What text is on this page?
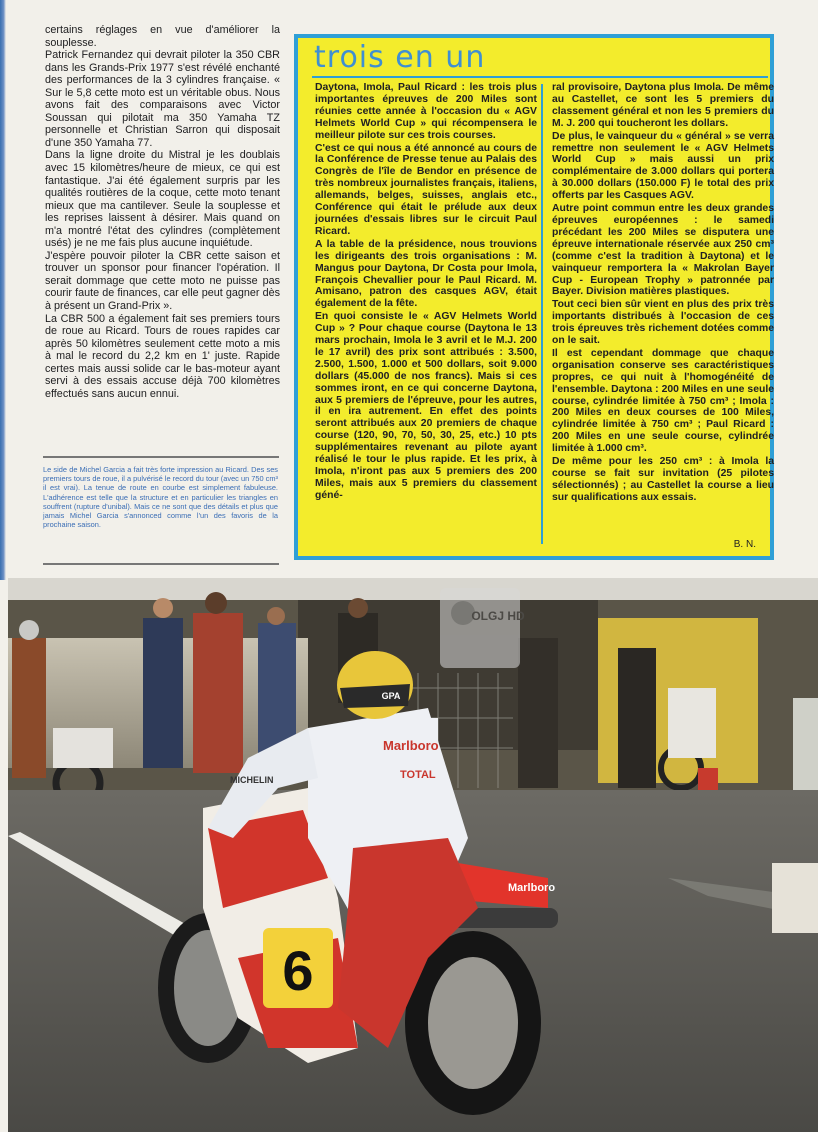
certains réglages en vue d'améliorer la souplesse.

Patrick Fernandez qui devrait piloter la 350 CBR dans les Grands-Prix 1977 s'est révélé enchanté des performances de la 3 cylindres française. « Sur le 5,8 cette moto est un véritable obus. Nous avons fait des comparaisons avec Victor Soussan qui pilotait ma 350 Yamaha TZ personnelle et Christian Sarron qui disposait d'une 350 Yamaha 77.

Dans la ligne droite du Mistral je les doublais avec 15 kilomètres/heure de mieux, ce qui est fantastique. J'ai été également surpris par les qualités routières de la coque, cette moto tenant mieux que ma cantilever. Seule la souplesse et les reprises laissent à désirer. Mais quand on m'a montré l'état des cylindres (complètement usés) je ne me fais plus aucune inquiétude.

J'espère pouvoir piloter la CBR cette saison et trouver un sponsor pour financer l'opération. Il serait dommage que cette moto ne puisse pas courir faute de finances, car elle peut gagner dès à présent un Grand-Prix ».

La CBR 500 a également fait ses premiers tours de roue au Ricard. Tours de roues rapides car après 50 kilomètres seulement cette moto a mis à mal le record du 2,2 km en 1' juste. Rapide certes mais aussi solide car le bas-moteur ayant servi à des essais accuse déjà 700 kilomètres effectués sans aucun ennui.

Le side de Michel Garcia a fait très forte impression au Ricard. Des ses premiers tours de roue, il a pulvérisé le record du tour (avec un 750 cm³ il est vrai). La tenue de route en courbe est simplement fabuleuse. L'adhérence est telle que la structure et en particulier les triangles en souffrent (rupture d'unibal). Mais ce ne sont que des détails et plus que jamais Michel Garcia s'annonced comme l'un des favoris de la prochaine saison.
trois en un

Daytona, Imola, Paul Ricard : les trois plus importantes épreuves de 200 Miles sont réunies cette année à l'occasion du « AGV Helmets World Cup » qui récompensera le meilleur pilote sur ces trois courses.

C'est ce qui nous a été annoncé au cours de la Conférence de Presse tenue au Palais des Congrès de l'île de Bendor en présence de très nombreux journalistes français, italiens, allemands, belges, suisses, anglais etc., Conférence qui était le prélude aux deux journées d'essais libres sur le circuit Paul Ricard.

A la table de la présidence, nous trouvions les dirigeants des trois organisations : M. Mangus pour Daytona, Dr Costa pour Imola, François Chevallier pour le Paul Ricard. M. Amisano, patron des casques AGV, était également de la fête.

En quoi consiste le « AGV Helmets World Cup » ? Pour chaque course (Daytona le 13 mars prochain, Imola le 3 avril et le M.J. 200 le 17 avril) des prix sont attribués : 3.500, 2.500, 1.500, 1.000 et 500 dollars, soit 9.000 dollars (45.000 de nos francs). Mais si ces sommes iront, en ce qui concerne Daytona, aux 5 premiers de l'épreuve, pour les autres, il en ira autrement. En effet des points seront attribués aux 20 premiers de chaque course (120, 90, 70, 50, 30, 25, etc.) 10 pts supplémentaires revenant au pilote ayant réalisé le tour le plus rapide. Et les prix, à Imola, n'iront pas aux 5 premiers des 200 Miles, mais aux 5 premiers du classement géné-

ral provisoire, Daytona plus Imola. De même au Castellet, ce sont les 5 premiers du classement général et non les 5 premiers du M. J. 200 qui toucheront les dollars.

De plus, le vainqueur du « général » se verra remettre non seulement le « AGV Helmets World Cup » mais aussi un prix complémentaire de 3.000 dollars qui portera à 30.000 dollars (150.000 F) le total des prix offerts par les Casques AGV.

Autre point commun entre les deux grandes épreuves européennes : le samedi précédant les 200 Miles se disputera une épreuve internationale réservée aux 250 cm³ (comme c'est la tradition à Daytona) et le vainqueur remportera la « Makrolan Bayer Cup - European Trophy » patronnée par Bayer. Division matières plastiques.

Tout ceci bien sûr vient en plus des prix très importants distribués à l'occasion de ces trois épreuves très richement dotées comme on le sait.

Il est cependant dommage que chaque organisation conserve ses caractéristiques propres, ce qui nuit à l'homogénéité de l'ensemble. Daytona : 200 Miles en une seule course, cylindrée limitée à 750 cm³ ; Imola : 200 Miles en deux courses de 100 Miles, cylindrée limitée à 750 cm³ ; Paul Ricard : 200 Miles en une seule course, cylindrée limitée à 1.000 cm³.

De même pour les 250 cm³ : à Imola la course se fait sur invitation (25 pilotes sélectionnés) ; au Castellet la course a lieu sur qualifications aux essais.

B. N.
6
Marlboro
Marlboro
TOTAL
MICHELIN
GPA
OLGJ HD
